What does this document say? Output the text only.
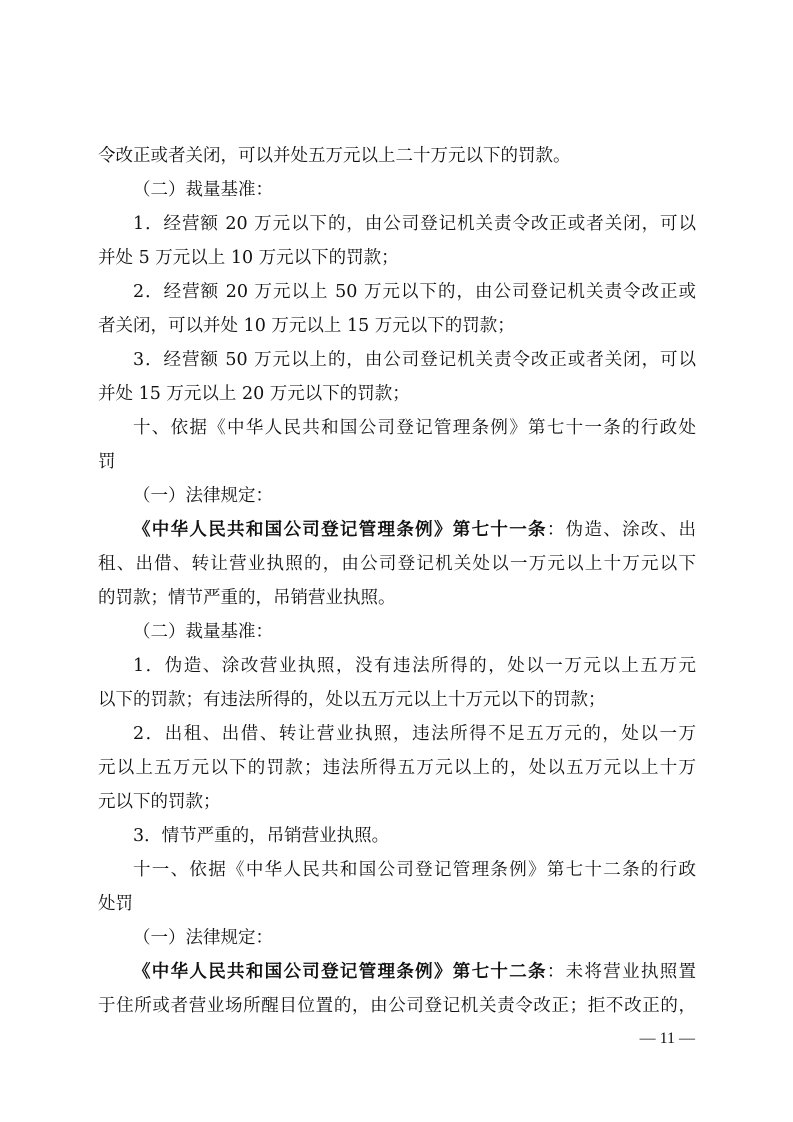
令改正或者关闭，可以并处五万元以上二十万元以下的罚款。
（二）裁量基准：
1．经营额 20 万元以下的，由公司登记机关责令改正或者关闭，可以
并处 5 万元以上 10 万元以下的罚款；
2．经营额 20 万元以上 50 万元以下的，由公司登记机关责令改正或
者关闭，可以并处 10 万元以上 15 万元以下的罚款；
3．经营额 50 万元以上的，由公司登记机关责令改正或者关闭，可以
并处 15 万元以上 20 万元以下的罚款；
十、依据《中华人民共和国公司登记管理条例》第七十一条的行政处
罚
（一）法律规定：
《中华人民共和国公司登记管理条例》第七十一条：伪造、涂改、出
租、出借、转让营业执照的，由公司登记机关处以一万元以上十万元以下
的罚款；情节严重的，吊销营业执照。
（二）裁量基准：
1．伪造、涂改营业执照，没有违法所得的，处以一万元以上五万元
以下的罚款；有违法所得的，处以五万元以上十万元以下的罚款；
2．出租、出借、转让营业执照，违法所得不足五万元的，处以一万
元以上五万元以下的罚款；违法所得五万元以上的，处以五万元以上十万
元以下的罚款；
3．情节严重的，吊销营业执照。
十一、依据《中华人民共和国公司登记管理条例》第七十二条的行政
处罚
（一）法律规定：
《中华人民共和国公司登记管理条例》第七十二条：未将营业执照置
于住所或者营业场所醒目位置的，由公司登记机关责令改正；拒不改正的，
— 11 —
